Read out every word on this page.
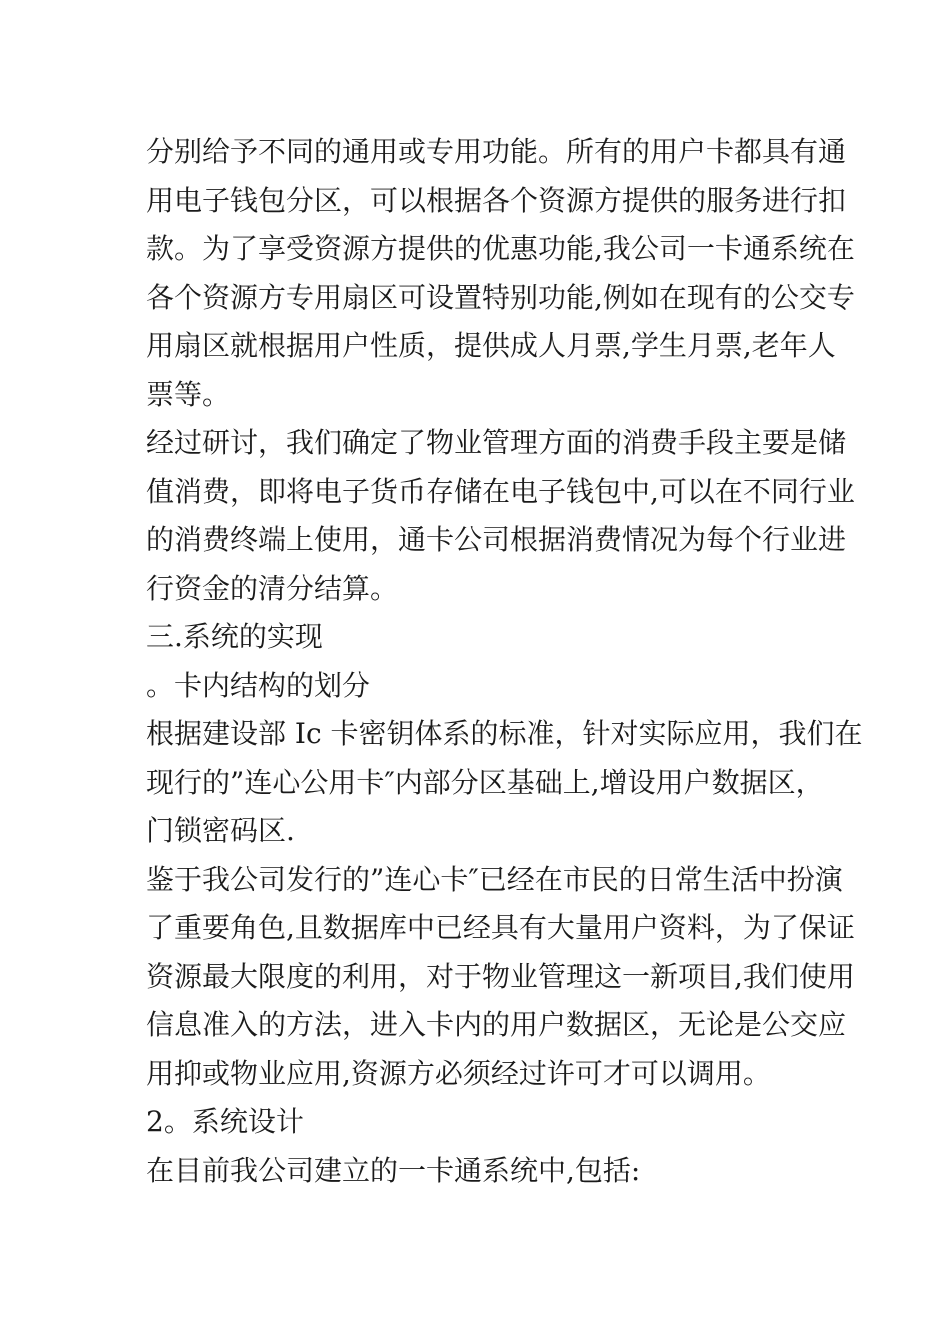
分别给予不同的通用或专用功能。所有的用户卡都具有通
用电子钱包分区，可以根据各个资源方提供的服务进行扣
款。为了享受资源方提供的优惠功能,我公司一卡通系统在
各个资源方专用扇区可设置特别功能,例如在现有的公交专
用扇区就根据用户性质，提供成人月票,学生月票,老年人
票等。
经过研讨，我们确定了物业管理方面的消费手段主要是储
值消费，即将电子货币存储在电子钱包中,可以在不同行业
的消费终端上使用，通卡公司根据消费情况为每个行业进
行资金的清分结算。
三.系统的实现
。卡内结构的划分
根据建设部 Ic 卡密钥体系的标准，针对实际应用，我们在
现行的”连心公用卡″内部分区基础上,增设用户数据区，
门锁密码区.
鉴于我公司发行的”连心卡″已经在市民的日常生活中扮演
了重要角色,且数据库中已经具有大量用户资料，为了保证
资源最大限度的利用，对于物业管理这一新项目,我们使用
信息准入的方法，进入卡内的用户数据区，无论是公交应
用抑或物业应用,资源方必须经过许可才可以调用。
2。系统设计
在目前我公司建立的一卡通系统中,包括:
